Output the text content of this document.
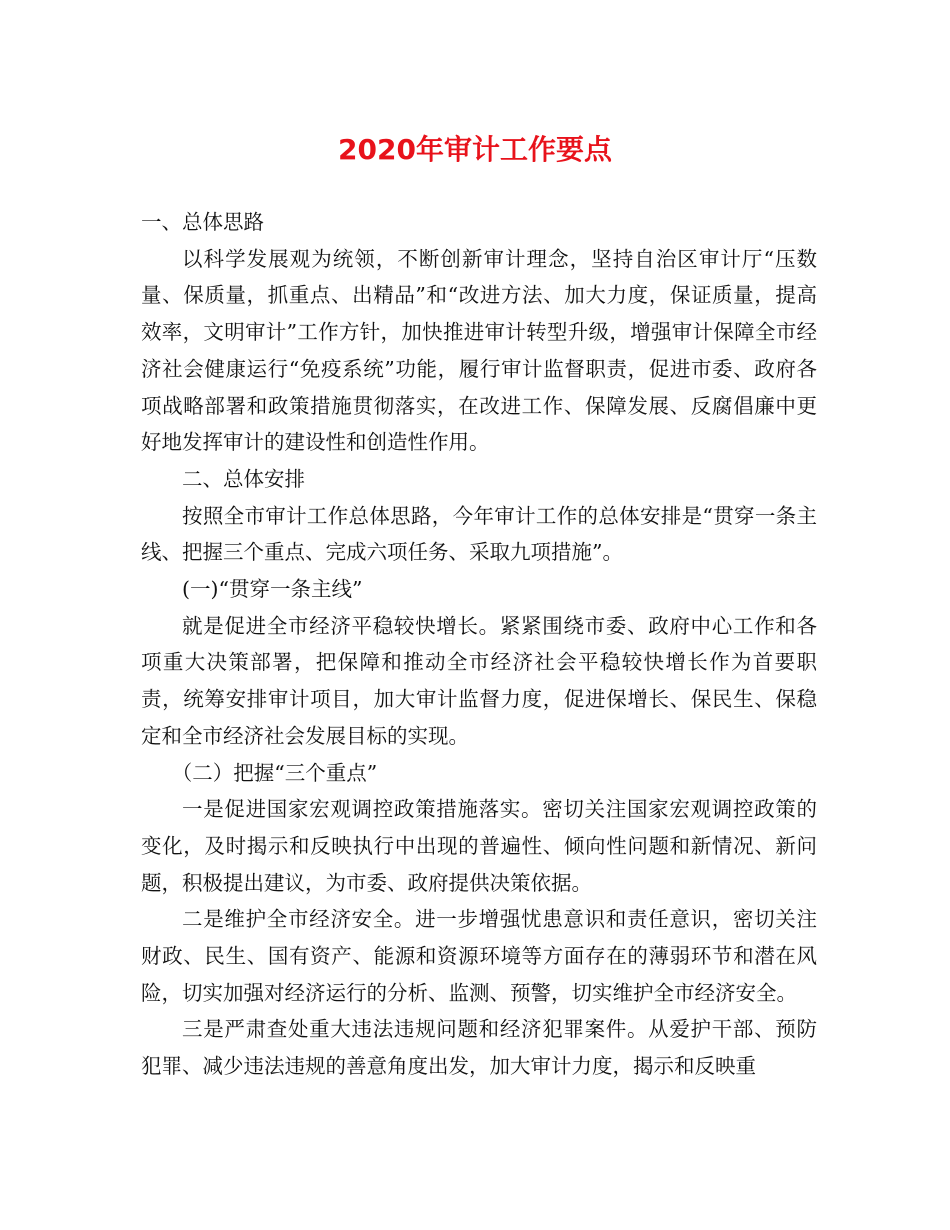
2020年审计工作要点

一、总体思路

以科学发展观为统领，不断创新审计理念，坚持自治区审计厅“压数量、保质量，抓重点、出精品”和“改进方法、加大力度，保证质量，提高效率，文明审计”工作方针，加快推进审计转型升级，增强审计保障全市经济社会健康运行“免疫系统”功能，履行审计监督职责，促进市委、政府各项战略部署和政策措施贯彻落实，在改进工作、保障发展、反腐倡廉中更好地发挥审计的建设性和创造性作用。

二、总体安排

按照全市审计工作总体思路，今年审计工作的总体安排是“贯穿一条主线、把握三个重点、完成六项任务、采取九项措施”。

(一)“贯穿一条主线”

就是促进全市经济平稳较快增长。紧紧围绕市委、政府中心工作和各项重大决策部署，把保障和推动全市经济社会平稳较快增长作为首要职责，统筹安排审计项目，加大审计监督力度，促进保增长、保民生、保稳定和全市经济社会发展目标的实现。

（二）把握“三个重点”

一是促进国家宏观调控政策措施落实。密切关注国家宏观调控政策的变化，及时揭示和反映执行中出现的普遍性、倾向性问题和新情况、新问题，积极提出建议，为市委、政府提供决策依据。

二是维护全市经济安全。进一步增强忧患意识和责任意识，密切关注财政、民生、国有资产、能源和资源环境等方面存在的薄弱环节和潜在风险，切实加强对经济运行的分析、监测、预警，切实维护全市经济安全。

三是严肃查处重大违法违规问题和经济犯罪案件。从爱护干部、预防犯罪、减少违法违规的善意角度出发，加大审计力度，揭示和反映重
